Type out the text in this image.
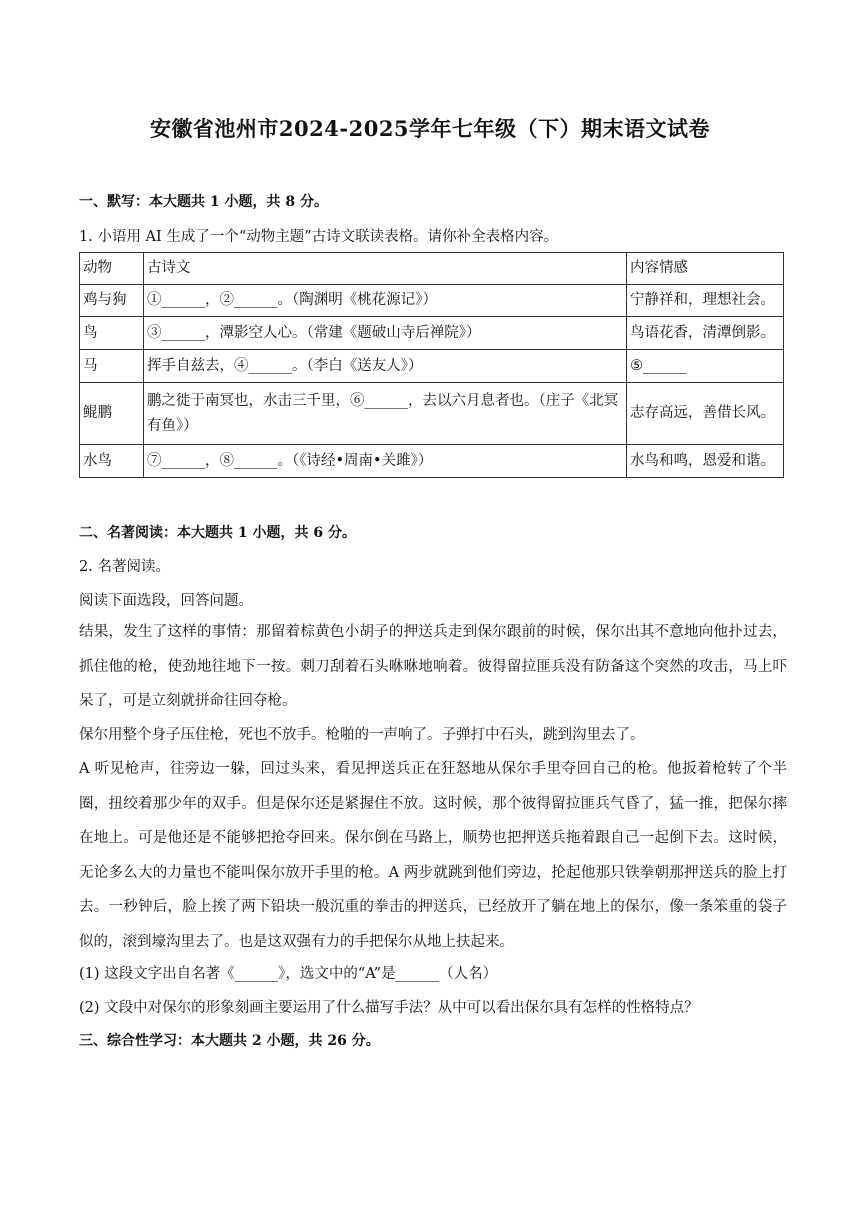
安徽省池州市2024-2025学年七年级（下）期末语文试卷
一、默写：本大题共 1 小题，共 8 分。
1. 小语用 AI 生成了一个“动物主题”古诗文联读表格。请你补全表格内容。
动物	古诗文	内容情感
鸡与狗	①______，②______。（陶渊明《桃花源记》）	宁静祥和，理想社会。
鸟	③______，潭影空人心。（常建《题破山寺后禅院》）	鸟语花香，清潭倒影。
马	挥手自兹去，④______。（李白《送友人》）	⑤______
鲲鹏	鹏之徙于南冥也，水击三千里，⑥______，去以六月息者也。（庄子《北冥有鱼》）	志存高远，善借长风。
水鸟	⑦______，⑧______。（《诗经•周南•关雎》）	水鸟和鸣，恩爱和谐。
二、名著阅读：本大题共 1 小题，共 6 分。
2. 名著阅读。
阅读下面选段，回答问题。
结果，发生了这样的事情：那留着棕黄色小胡子的押送兵走到保尔跟前的时候，保尔出其不意地向他扑过去，抓住他的枪，使劲地往地下一按。刺刀刮着石头咻咻地响着。彼得留拉匪兵没有防备这个突然的攻击，马上吓呆了，可是立刻就拼命往回夺枪。
保尔用整个身子压住枪，死也不放手。枪啪的一声响了。子弹打中石头，跳到沟里去了。
A 听见枪声，往旁边一躲，回过头来，看见押送兵正在狂怒地从保尔手里夺回自己的枪。他扳着枪转了个半圈，扭绞着那少年的双手。但是保尔还是紧握住不放。这时候，那个彼得留拉匪兵气昏了，猛一推，把保尔摔在地上。可是他还是不能够把抢夺回来。保尔倒在马路上，顺势也把押送兵拖着跟自己一起倒下去。这时候，无论多么大的力量也不能叫保尔放开手里的枪。A 两步就跳到他们旁边，抡起他那只铁拳朝那押送兵的脸上打去。一秒钟后，脸上挨了两下铅块一般沉重的拳击的押送兵，已经放开了躺在地上的保尔，像一条笨重的袋子似的，滚到壕沟里去了。也是这双强有力的手把保尔从地上扶起来。
(1) 这段文字出自名著《______》，选文中的“A”是______（人名）
(2) 文段中对保尔的形象刻画主要运用了什么描写手法？从中可以看出保尔具有怎样的性格特点？
三、综合性学习：本大题共 2 小题，共 26 分。
